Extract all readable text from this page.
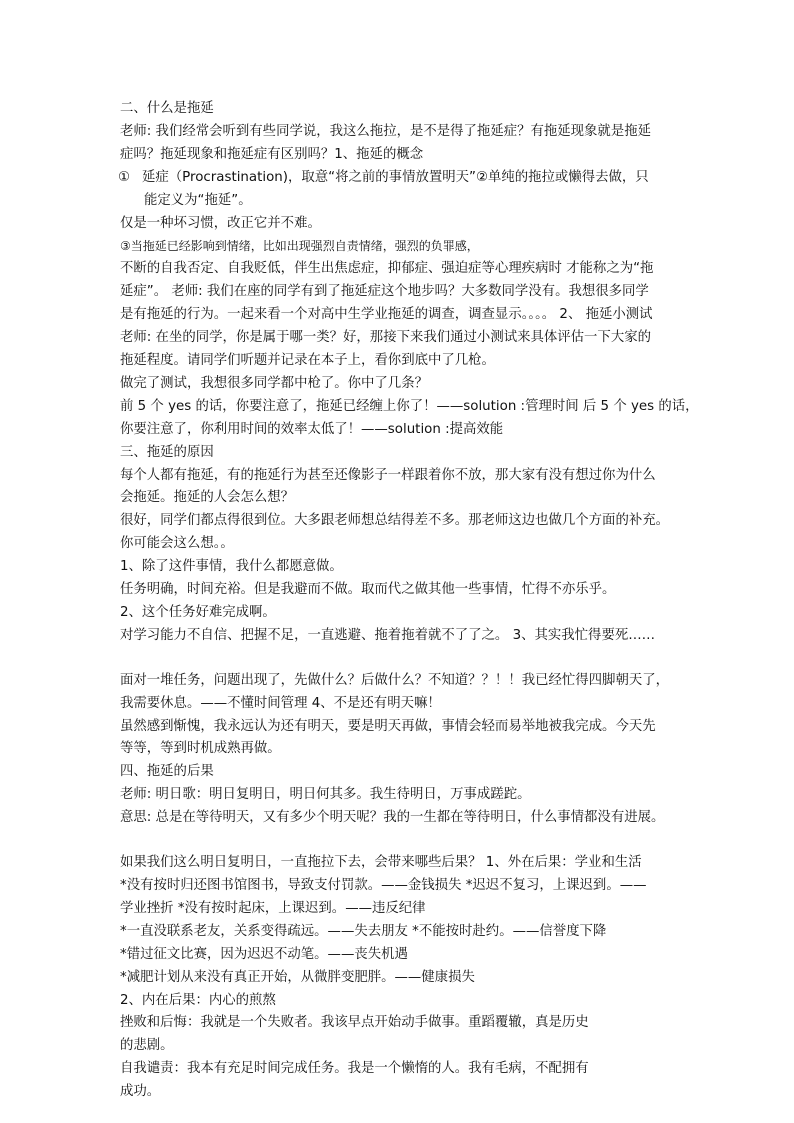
二、什么是拖延
老师: 我们经常会听到有些同学说，我这么拖拉，是不是得了拖延症？有拖延现象就是拖延
症吗？拖延现象和拖延症有区别吗？1、拖延的概念
① 延症（Procrastination)，取意“将之前的事情放置明天”②单纯的拖拉或懒得去做，只
能定义为“拖延”。
仅是一种坏习惯，改正它并不难。
③当拖延已经影响到情绪，比如出现强烈自责情绪，强烈的负罪感，
不断的自我否定、自我贬低，伴生出焦虑症，抑郁症、强迫症等心理疾病时 才能称之为“拖
延症”。 老师: 我们在座的同学有到了拖延症这个地步吗？大多数同学没有。我想很多同学
是有拖延的行为。一起来看一个对高中生学业拖延的调查，调查显示。。。。 2、 拖延小测试
老师: 在坐的同学，你是属于哪一类？好，那接下来我们通过小测试来具体评估一下大家的
拖延程度。请同学们听题并记录在本子上，看你到底中了几枪。
做完了测试，我想很多同学都中枪了。你中了几条？
前 5 个 yes 的话，你要注意了，拖延已经缠上你了！——solution :管理时间 后 5 个 yes 的话，
你要注意了，你利用时间的效率太低了！——solution :提高效能
三、拖延的原因
每个人都有拖延，有的拖延行为甚至还像影子一样跟着你不放，那大家有没有想过你为什么
会拖延。拖延的人会怎么想？
很好，同学们都点得很到位。大多跟老师想总结得差不多。那老师这边也做几个方面的补充。
你可能会这么想。。
1、除了这件事情，我什么都愿意做。
任务明确，时间充裕。但是我避而不做。取而代之做其他一些事情，忙得不亦乐乎。
2、这个任务好难完成啊。
对学习能力不自信、把握不足，一直逃避、拖着拖着就不了了之。 3、其实我忙得要死……
面对一堆任务，问题出现了，先做什么？后做什么？不知道？？！！我已经忙得四脚朝天了，
我需要休息。——不懂时间管理 4、不是还有明天嘛！
虽然感到惭愧，我永远认为还有明天，要是明天再做，事情会轻而易举地被我完成。今天先
等等，等到时机成熟再做。
四、拖延的后果
老师: 明日歌：明日复明日，明日何其多。我生待明日，万事成蹉跎。
意思: 总是在等待明天，又有多少个明天呢？我的一生都在等待明日，什么事情都没有进展。
如果我们这么明日复明日，一直拖拉下去，会带来哪些后果？ 1、外在后果：学业和生活
*没有按时归还图书馆图书，导致支付罚款。——金钱损失 *迟迟不复习，上课迟到。——
学业挫折 *没有按时起床，上课迟到。——违反纪律
*一直没联系老友，关系变得疏远。——失去朋友 *不能按时赴约。——信誉度下降
*错过征文比赛，因为迟迟不动笔。——丧失机遇
*减肥计划从来没有真正开始，从微胖变肥胖。——健康损失
2、内在后果：内心的煎熬
挫败和后悔：我就是一个失败者。我该早点开始动手做事。重蹈覆辙，真是历史
的悲剧。
自我谴责：我本有充足时间完成任务。我是一个懒惰的人。我有毛病，不配拥有
成功。
